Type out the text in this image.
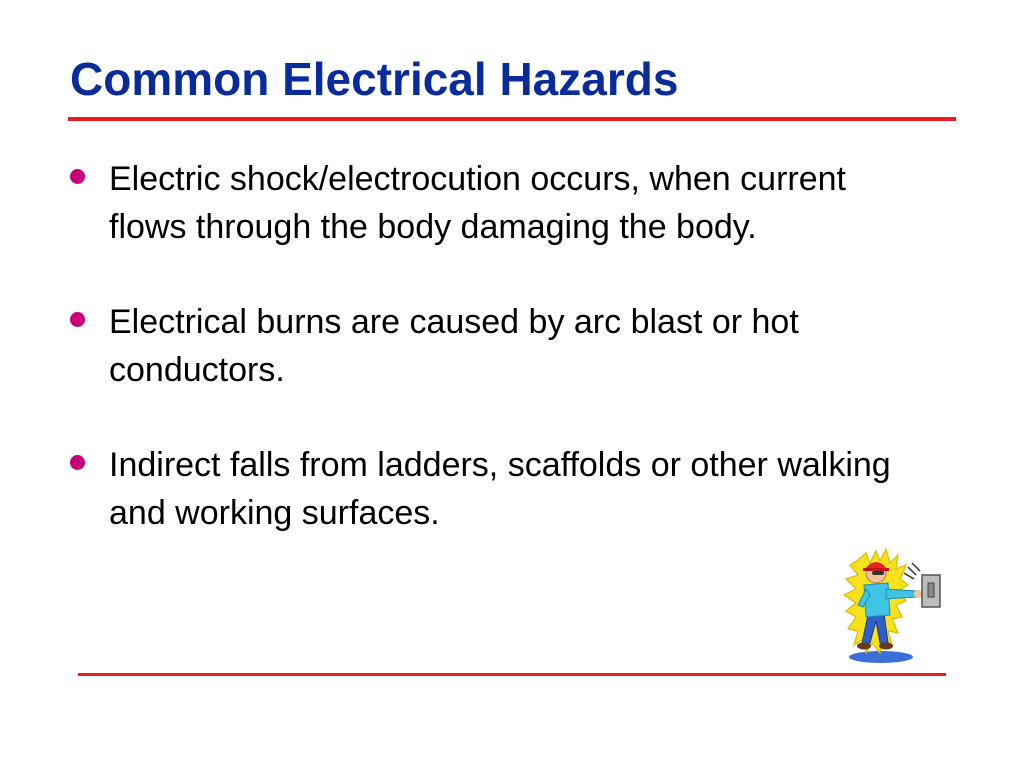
Common Electrical Hazards
Electric shock/electrocution occurs, when current flows through the body damaging the body.
Electrical burns are caused by arc blast or hot conductors.
Indirect falls from ladders, scaffolds or other walking and working surfaces.
